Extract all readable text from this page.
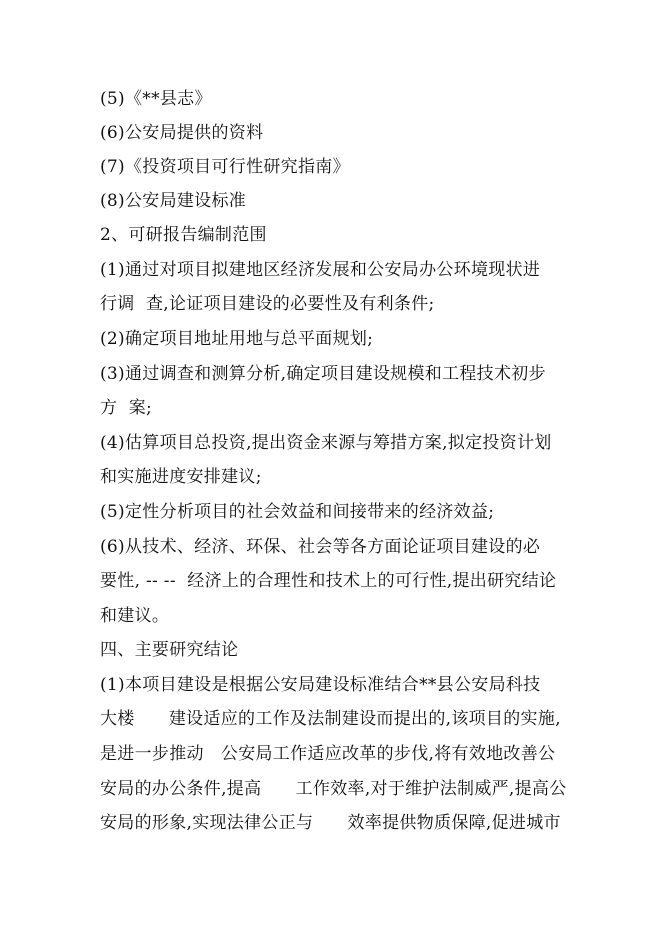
(5)《**县志》
(6)公安局提供的资料
(7)《投资项目可行性研究指南》
(8)公安局建设标准
2、可研报告编制范围
(1)通过对项目拟建地区经济发展和公安局办公环境现状进
行调  查,论证项目建设的必要性及有利条件;
(2)确定项目地址用地与总平面规划;
(3)通过调查和测算分析,确定项目建设规模和工程技术初步
方  案;
(4)估算项目总投资,提出资金来源与筹措方案,拟定投资计划
和实施进度安排建议;
(5)定性分析项目的社会效益和间接带来的经济效益;
(6)从技术、经济、环保、社会等各方面论证项目建设的必
要性, -- --  经济上的合理性和技术上的可行性,提出研究结论
和建议。
四、主要研究结论
(1)本项目建设是根据公安局建设标准结合**县公安局科技
大楼      建设适应的工作及法制建设而提出的,该项目的实施,
是进一步推动   公安局工作适应改革的步伐,将有效地改善公
安局的办公条件,提高      工作效率,对于维护法制威严,提高公
安局的形象,实现法律公正与      效率提供物质保障,促进城市
